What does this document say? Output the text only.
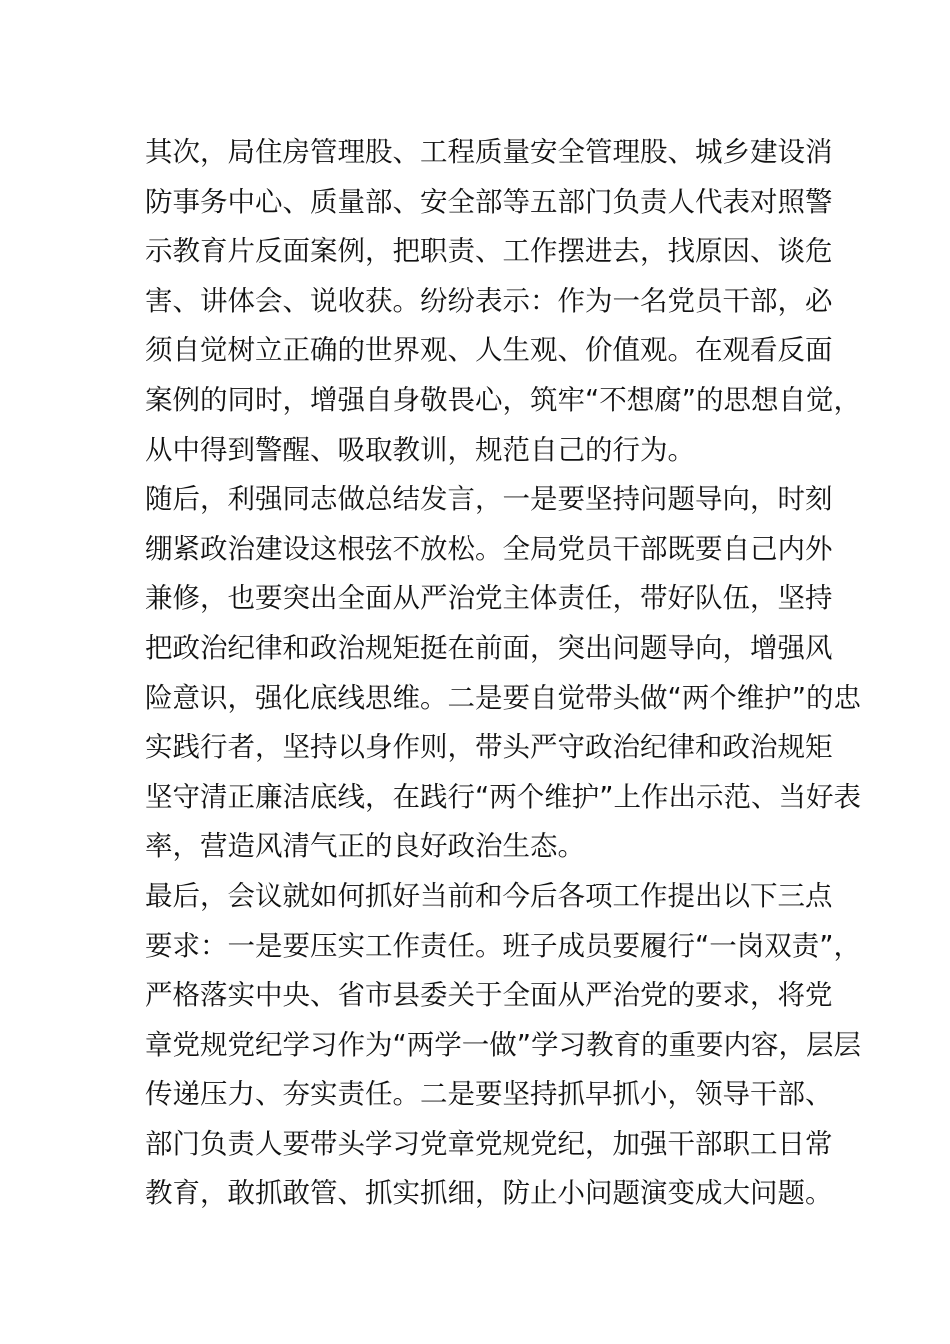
其次，局住房管理股、工程质量安全管理股、城乡建设消
防事务中心、质量部、安全部等五部门负责人代表对照警
示教育片反面案例，把职责、工作摆进去，找原因、谈危
害、讲体会、说收获。纷纷表示：作为一名党员干部，必
须自觉树立正确的世界观、人生观、价值观。在观看反面
案例的同时，增强自身敬畏心，筑牢“不想腐”的思想自觉，
从中得到警醒、吸取教训，规范自己的行为。

随后，利强同志做总结发言，一是要坚持问题导向，时刻
绷紧政治建设这根弦不放松。全局党员干部既要自己内外
兼修，也要突出全面从严治党主体责任，带好队伍，坚持
把政治纪律和政治规矩挺在前面，突出问题导向，增强风
险意识，强化底线思维。二是要自觉带头做“两个维护”的忠
实践行者，坚持以身作则，带头严守政治纪律和政治规矩
坚守清正廉洁底线，在践行“两个维护”上作出示范、当好表
率，营造风清气正的良好政治生态。

最后，会议就如何抓好当前和今后各项工作提出以下三点
要求：一是要压实工作责任。班子成员要履行“一岗双责”，
严格落实中央、省市县委关于全面从严治党的要求，将党
章党规党纪学习作为“两学一做”学习教育的重要内容，层层
传递压力、夯实责任。二是要坚持抓早抓小，领导干部、
部门负责人要带头学习党章党规党纪，加强干部职工日常
教育，敢抓敢管、抓实抓细，防止小问题演变成大问题。
